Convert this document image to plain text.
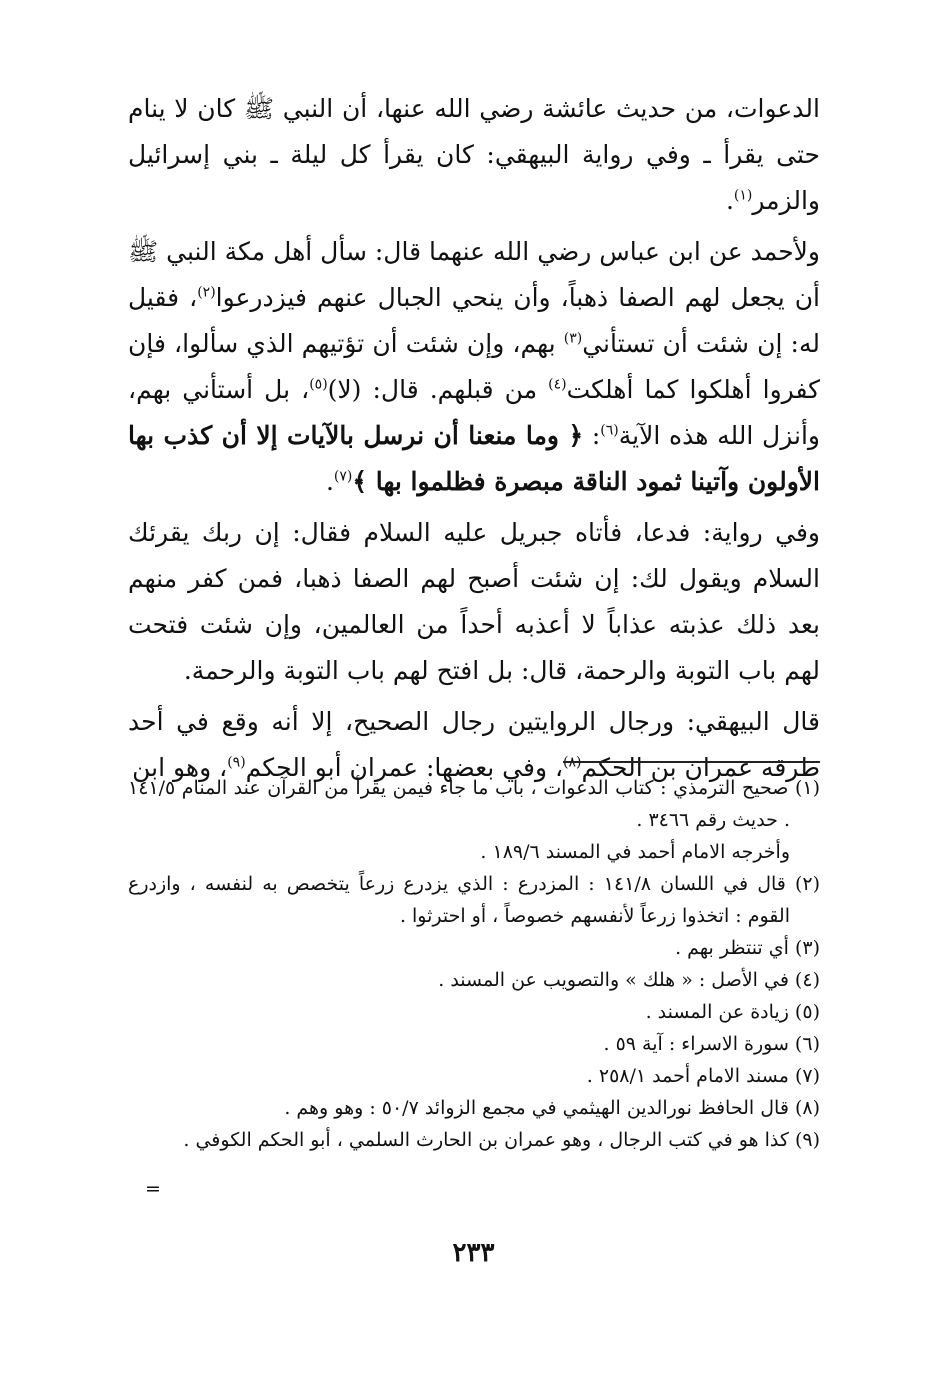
الدعوات، من حديث عائشة رضي الله عنها، أن النبي ﷺ كان لا ينام حتى يقرأ ـ وفي رواية البيهقي: كان يقرأ كل ليلة ـ بني إسرائيل والزمر$^{(١)}$.

ولأحمد عن ابن عباس رضي الله عنهما قال: سأل أهل مكة النبي ﷺ أن يجعل لهم الصفا ذهباً، وأن ينحي الجبال عنهم فيزدرعوا$^{(٢)}$، فقيل له: إن شئت أن تستأني$^{(٣)}$ بهم، وإن شئت أن تؤتيهم الذي سألوا، فإن كفروا أهلكوا كما أهلكت$^{(٤)}$ من قبلهم. قال: (لا)$^{(٥)}$، بل أستأني بهم، وأنزل الله هذه الآية$^{(٦)}$: ﴿ وما منعنا أن نرسل بالآيات إلا أن كذب بها الأولون وآتينا ثمود الناقة مبصرة فظلموا بها ﴾$^{(٧)}$.

وفي رواية: فدعا، فأتاه جبريل عليه السلام فقال: إن ربك يقرئك السلام ويقول لك: إن شئت أصبح لهم الصفا ذهبا، فمن كفر منهم بعد ذلك عذبته عذاباً لا أعذبه أحداً من العالمين، وإن شئت فتحت لهم باب التوبة والرحمة، قال: بل افتح لهم باب التوبة والرحمة.

قال البيهقي: ورجال الروايتين رجال الصحيح، إلا أنه وقع في أحد طرقه عمران بن الحكم$^{(٨)}$، وفي بعضها: عمران أبو الحكم$^{(٩)}$، وهو ابن

(١) صحيح الترمذي : كتاب الدعوات ، باب ما جاء فيمن يقرأ من القرآن عند المنام ١٤١/٥ . حديث رقم ٣٤٦٦ .

وأخرجه الامام أحمد في المسند ١٨٩/٦ .

(٢) قال في اللسان ١٤١/٨ : المزدرع : الذي يزدرع زرعاً يتخصص به لنفسه ، وازدرع القوم : اتخذوا زرعاً لأنفسهم خصوصاً ، أو احترثوا .

(٣) أي تنتظر بهم .

(٤) في الأصل : « هلك » والتصويب عن المسند .

(٥) زيادة عن المسند .

(٦) سورة الاسراء : آية ٥٩ .

(٧) مسند الامام أحمد ٢٥٨/١ .

(٨) قال الحافظ نورالدين الهيثمي في مجمع الزوائد ٥٠/٧ : وهو وهم .

(٩) كذا هو في كتب الرجال ، وهو عمران بن الحارث السلمي ، أبو الحكم الكوفي .

=
٢٣٣
